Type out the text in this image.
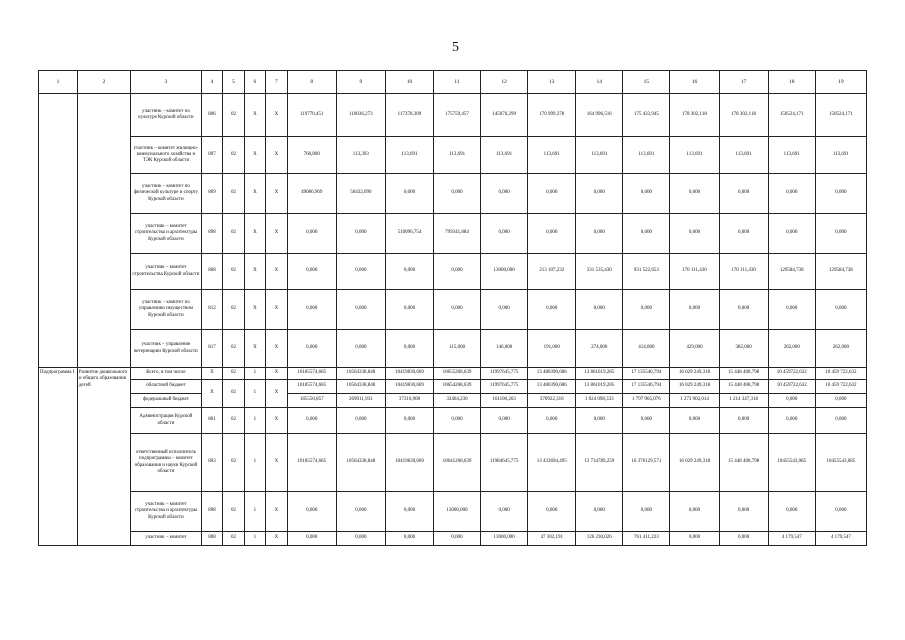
5
1	2	3	4	5	6	7	8	9	10	11	12	13	14	15	16	17	18	19
		участник – комитет по культуре Курской области	806	02	Х	Х	119770,451	110036,273	117378,309	175759,457	145076,299	170 999,378	164 996,516	175 433,945	178 302,118	178 302,118	150524,171	150524,171
		участник – комитет жилищно-коммунального хозяйства и ТЭК Курской области	807	02	Х	Х	760,800	113,393	113,691	113,691	113,691	113,691	113,691	113,691	113,691	113,691	113,691	113,691
		участник – комитет по физической культуре и спорту Курской области	809	02	Х	Х	49086,969	50432,090	0,000	0,000	0,000	0,000	0,000	0,000	0,000	0,000	0,000	0,000
		участник – комитет строительства и архитектуры Курской области	898	02	Х	Х	0,000	0,000	510096,754	799341,884	0,000	0,000	0,000	0,000	0,000	0,000	0,000	0,000
		участник – комитет строительства Курской области	808	02	Х	Х	0,000	0,000	0,000	0,000	13000,000	213 107,232	331 535,430	931 522,653	170 111,430	170 111,430	129584,738	129584,738
		участник – комитет по управлению имуществом Курской области	812	02	Х	Х	0,000	0,000	0,000	0,000	0,000	0,000	0,000	0,000	0,000	0,000	0,000	0,000
		участник – управление ветеринарии Курской области	817	02	Х	Х	0,000	0,000	0,000	115,000	146,000	191,000	274,000	414,000	429,000	382,000	262,000	262,000
Подпрограмма I	Развитие дошкольного и общего образования детей	Всего, в том числе	Х	02	1	Х	10185574,685	10564338,848	10419830,669	10655268,639	11997645,775	13 480390,686	13 861019,285	17 135540,794	16 029 249,318	15 448 408,798	10 459722,632	10 459 722,632
		областной бюджет	Х	02	1	Х	10185574,685	10564338,848	10419830,669	10654268,639	11997645,775	13 480390,686	13 861019,285	17 135540,794	16 029 249,318	15 448 408,798	10 459722,632	10 459 722,632
		федеральный бюджет					185550,857	269011,931	37316,900	32464,230	161100,263	370922,316	1 024 098,333	1 797 965,076	1 273 902,014	1 214 347,318	0,000	0,000
		Администрация Курской области	801	02	1	Х	0,000	0,000	0,000	0,000	0,000	0,000	0,000	0,000	0,000	0,000	0,000	0,000
		ответственный исполнитель подпрограммы – комитет образования и науки Курской области	803	02	1	Х	10185574,685	10564338,848	10419830,669	10641268,639	11984645,775	13 433694,495	13 734789,259	16 376129,571	16 029 249,318	15 448 408,798	10455543,085	10455543,085
		участник – комитет строительства и архитектуры Курской области	898	02	1	Х	0,000	0,000	0,000	13000,000	0,000	0,000	0,000	0,000	0,000	0,000	0,000	0,000
		участник – комитет	808	02	1	Х	0,000	0,000	0,000	0,000	13000,000	47 302,191	126 230,026	761 411,223	0,000	0,000	4 179,547	4 179,547
